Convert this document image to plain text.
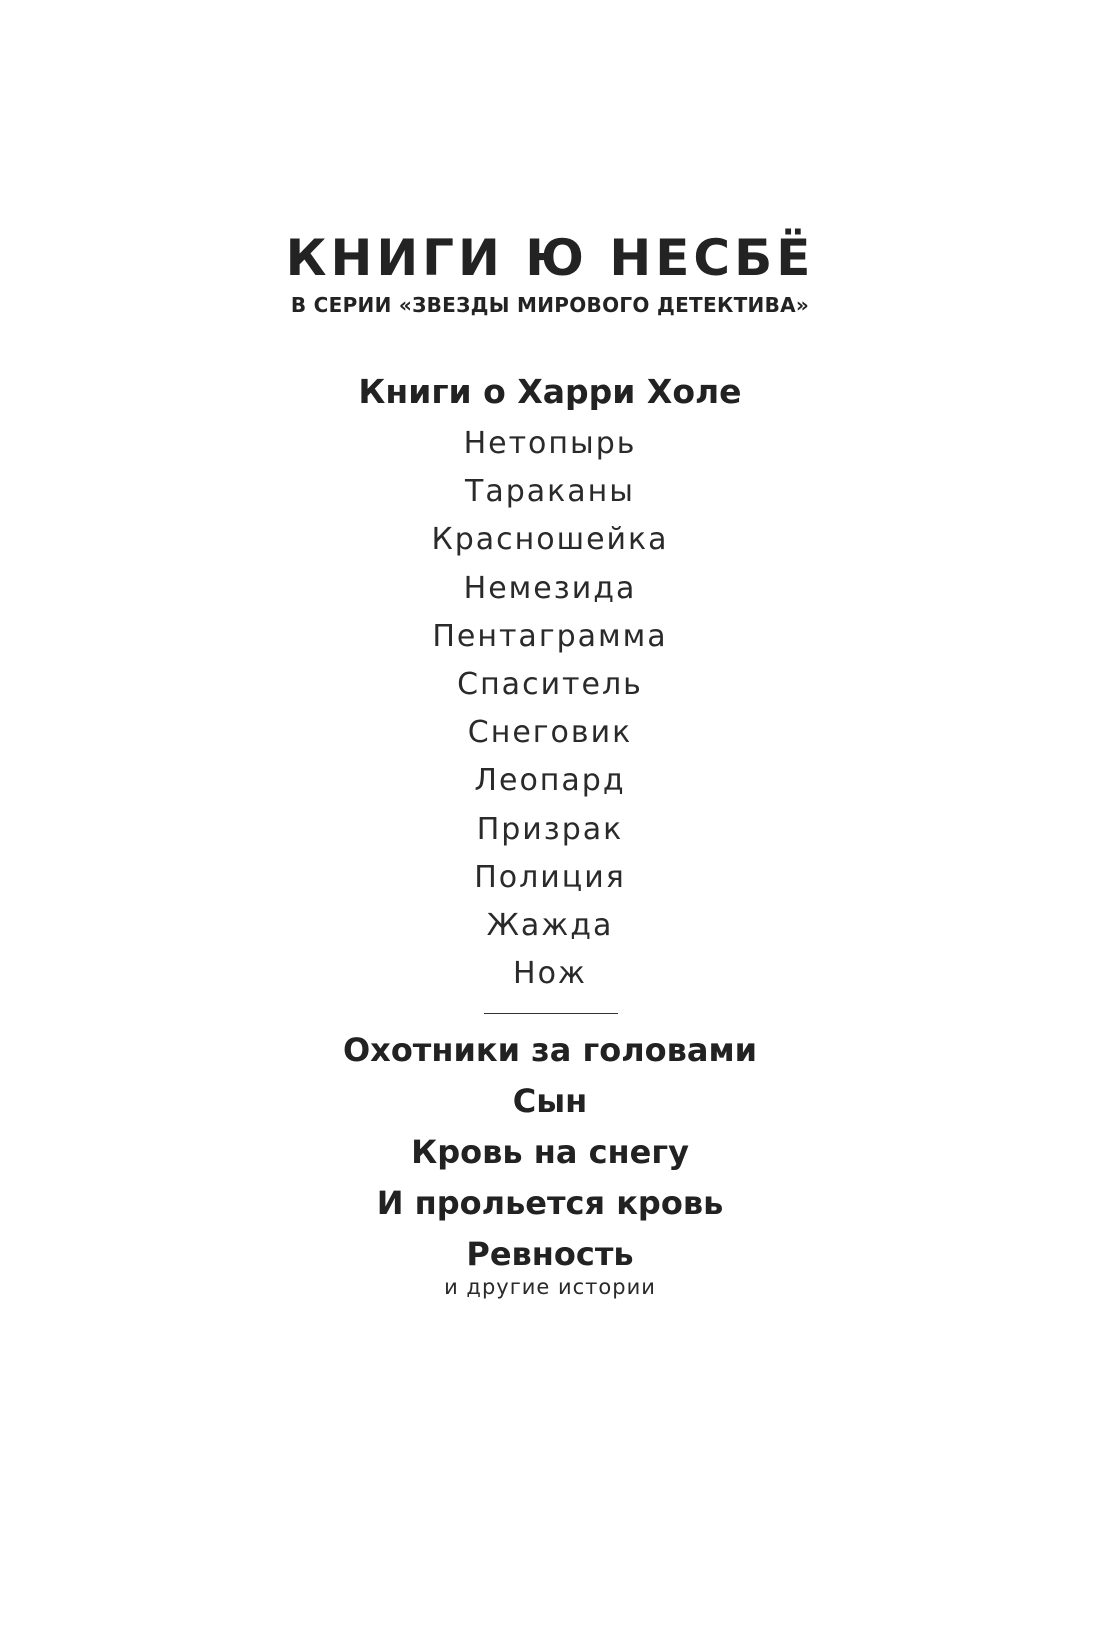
КНИГИ Ю НЕСБЁ
В СЕРИИ «ЗВЕЗДЫ МИРОВОГО ДЕТЕКТИВА»
Книги о Харри Холе
Нетопырь
Тараканы
Красношейка
Немезида
Пентаграмма
Спаситель
Снеговик
Леопард
Призрак
Полиция
Жажда
Нож
Охотники за головами
Сын
Кровь на снегу
И прольется кровь
Ревность
и другие истории
